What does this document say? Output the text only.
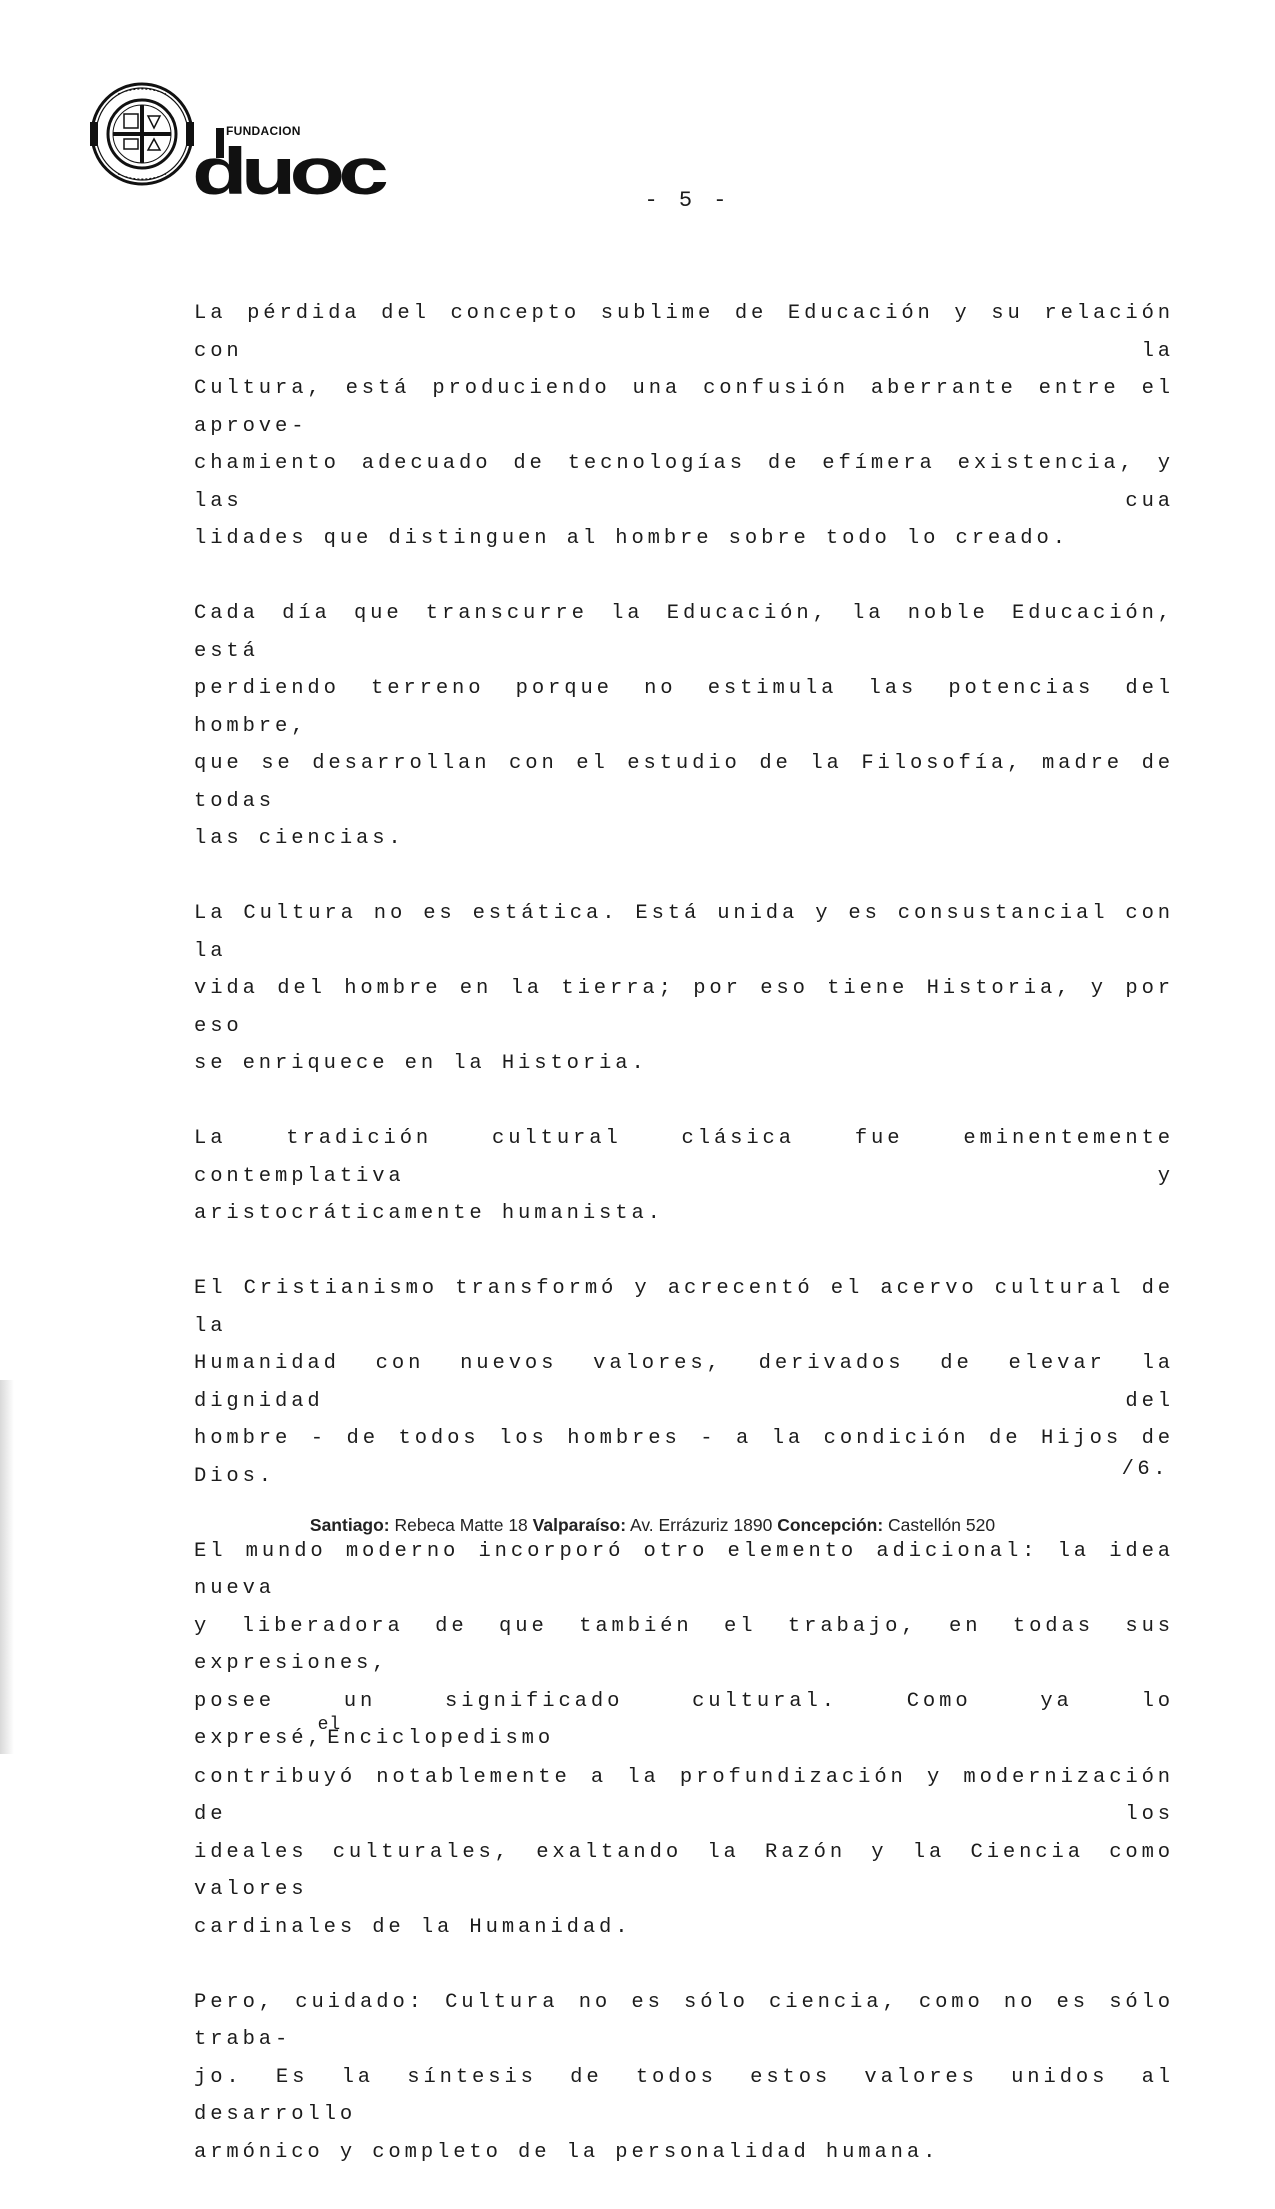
FUNDACION
duoc	- 5 -

La pérdida del concepto sublime de Educación y su relación con la
Cultura, está produciendo una confusión aberrante entre el aprove-
chamiento adecuado de tecnologías de efímera existencia, y las cua
lidades que distinguen al hombre sobre todo lo creado.

Cada día que transcurre la Educación, la noble Educación, está
perdiendo terreno porque no estimula las potencias del hombre,
que se desarrollan con el estudio de la Filosofía, madre de todas
las ciencias.

La Cultura no es estática. Está unida y es consustancial con la
vida del hombre en la tierra; por eso tiene Historia, y por eso
se enriquece en la Historia.

La tradición cultural clásica fue eminentemente contemplativa y
aristocráticamente humanista.

El Cristianismo transformó y acrecentó el acervo cultural de la
Humanidad con nuevos valores, derivados de elevar la dignidad del
hombre - de todos los hombres - a la condición de Hijos de Dios.

El mundo moderno incorporó otro elemento adicional: la idea nueva
y liberadora de que también el trabajo, en todas sus expresiones,
posee un significado cultural. Como ya lo expresé,elEnciclopedismo
contribuyó notablemente a la profundización y modernización de los
ideales culturales, exaltando la Razón y la Ciencia como valores
cardinales de la Humanidad.

Pero, cuidado: Cultura no es sólo ciencia, como no es sólo traba-
jo. Es la síntesis de todos estos valores unidos al desarrollo
armónico y completo de la personalidad humana.

/6.
Santiago: Rebeca Matte 18 Valparaíso: Av. Errázuriz 1890 Concepción: Castellón 520
